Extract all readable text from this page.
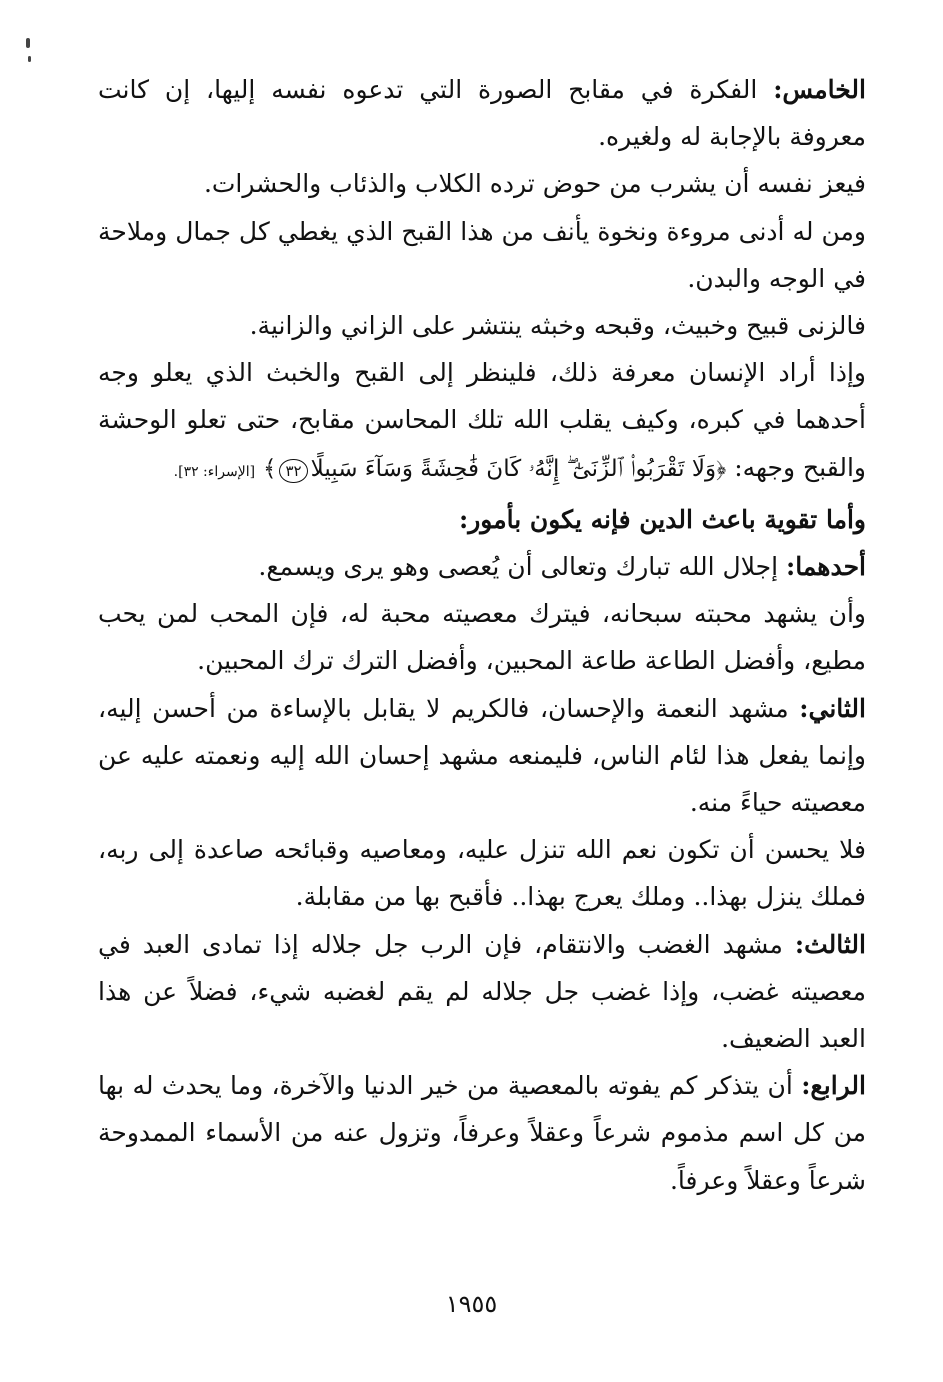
الخامس: الفكرة في مقابح الصورة التي تدعوه نفسه إليها، إن كانت معروفة بالإجابة له ولغيره.

فيعز نفسه أن يشرب من حوض ترده الكلاب والذئاب والحشرات.

ومن له أدنى مروءة ونخوة يأنف من هذا القبح الذي يغطي كل جمال وملاحة في الوجه والبدن.

فالزنى قبيح وخبيث، وقبحه وخبثه ينتشر على الزاني والزانية.

وإذا أراد الإنسان معرفة ذلك، فلينظر إلى القبح والخبث الذي يعلو وجه أحدهما في كبره، وكيف يقلب الله تلك المحاسن مقابح، حتى تعلو الوحشة والقبح وجهه: ﴿وَلَا تَقْرَبُوا۟ ٱلزِّنَىٰٓ ۖ إِنَّهُۥ كَانَ فَٰحِشَةً وَسَآءَ سَبِيلًا٣٢﴾ [الإسراء: ٣٢].

وأما تقوية باعث الدين فإنه يكون بأمور:

أحدهما: إجلال الله تبارك وتعالى أن يُعصى وهو يرى ويسمع.

وأن يشهد محبته سبحانه، فيترك معصيته محبة له، فإن المحب لمن يحب مطيع، وأفضل الطاعة طاعة المحبين، وأفضل الترك ترك المحبين.

الثاني: مشهد النعمة والإحسان، فالكريم لا يقابل بالإساءة من أحسن إليه، وإنما يفعل هذا لئام الناس، فليمنعه مشهد إحسان الله إليه ونعمته عليه عن معصيته حياءً منه.

فلا يحسن أن تكون نعم الله تنزل عليه، ومعاصيه وقبائحه صاعدة إلى ربه، فملك ينزل بهذا.. وملك يعرج بهذا.. فأقبح بها من مقابلة.

الثالث: مشهد الغضب والانتقام، فإن الرب جل جلاله إذا تمادى العبد في معصيته غضب، وإذا غضب جل جلاله لم يقم لغضبه شيء، فضلاً عن هذا العبد الضعيف.

الرابع: أن يتذكر كم يفوته بالمعصية من خير الدنيا والآخرة، وما يحدث له بها من كل اسم مذموم شرعاً وعقلاً وعرفاً، وتزول عنه من الأسماء الممدوحة شرعاً وعقلاً وعرفاً.

١٩٥٥
